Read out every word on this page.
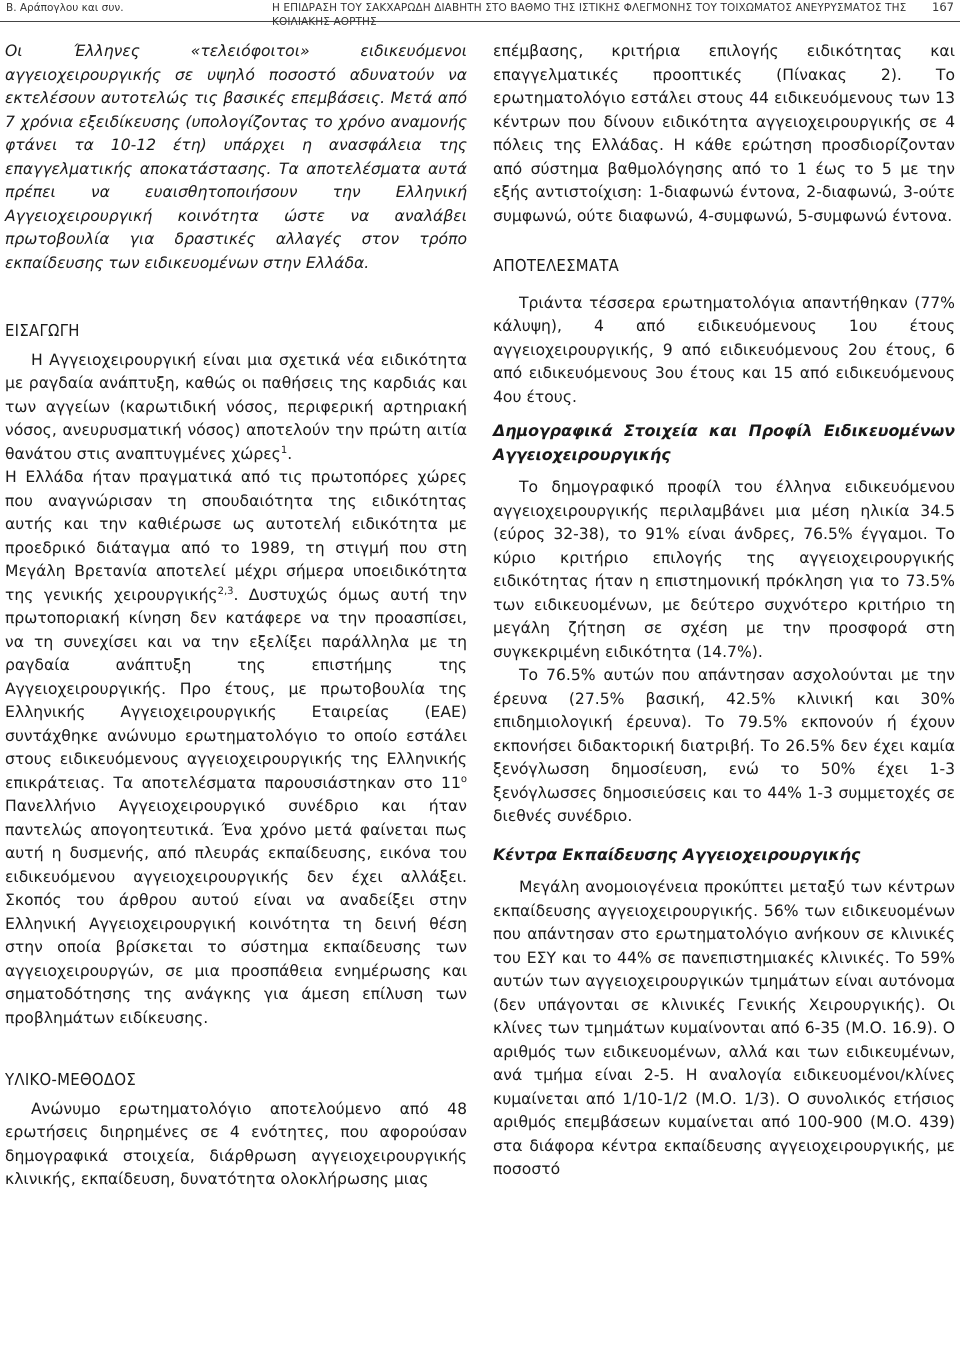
Β. Αράπογλου και συν.	Η ΕΠΙΔΡΑΣΗ ΤΟΥ ΣΑΚΧΑΡΩΔΗ ΔΙΑΒΗΤΗ ΣΤΟ ΒΑΘΜΟ ΤΗΣ ΙΣΤΙΚΗΣ ΦΛΕΓΜΟΝΗΣ ΤΟΥ ΤΟΙΧΩΜΑΤΟΣ ΑΝΕΥΡΥΣΜΑΤΟΣ ΤΗΣ ΚΟΙΛΙΑΚΗΣ ΑΟΡΤΗΣ
167

Οι Έλληνες «τελειόφοιτοι» ειδικευόμενοι αγγειοχειρουργικής σε υψηλό ποσοστό αδυνατούν να εκτελέσουν αυτοτελώς τις βασικές επεμβάσεις. Μετά από 7 χρόνια εξειδίκευσης (υπολογίζοντας το χρόνο αναμονής φτάνει τα 10-12 έτη) υπάρχει η ανασφάλεια της επαγγελματικής αποκατάστασης. Τα αποτελέσματα αυτά πρέπει να ευαισθητοποιήσουν την Ελληνική Αγγειοχειρουργική κοινότητα ώστε να αναλάβει πρωτοβουλία για δραστικές αλλαγές στον τρόπο εκπαίδευσης των ειδικευομένων στην Ελλάδα.

ΕΙΣΑΓΩΓΗ

Η Αγγειοχειρουργική είναι μια σχετικά νέα ειδικότητα με ραγδαία ανάπτυξη, καθώς οι παθήσεις της καρδιάς και των αγγείων (καρωτιδική νόσος, περιφερική αρτηριακή νόσος, ανευρυσματική νόσος) αποτελούν την πρώτη αιτία θανάτου στις αναπτυγμένες χώρες$^1$.

Η Ελλάδα ήταν πραγματικά από τις πρωτοπόρες χώρες που αναγνώρισαν τη σπουδαιότητα της ειδικότητας αυτής και την καθιέρωσε ως αυτοτελή ειδικότητα με προεδρικό διάταγμα από το 1989, τη στιγμή που στη Μεγάλη Βρετανία αποτελεί μέχρι σήμερα υποειδικότητα της γενικής χειρουργικής$^{2,3}$. Δυστυχώς όμως αυτή την πρωτοποριακή κίνηση δεν κατάφερε να την προασπίσει, να τη συνεχίσει και να την εξελίξει παράλληλα με τη ραγδαία ανάπτυξη της επιστήμης της Αγγειοχειρουργικής. Προ έτους, με πρωτοβουλία της Ελληνικής Αγγειοχειρουργικής Εταιρείας (ΕΑΕ) συντάχθηκε ανώνυμο ερωτηματολόγιο το οποίο εστάλει στους ειδικευόμενους αγγειοχειρουργικής της Ελληνικής επικράτειας. Τα αποτελέσματα παρουσιάστηκαν στο $11^o$ Πανελλήνιο Αγγειοχειρουργικό συνέδριο και ήταν παντελώς απογοητευτικά. Ένα χρόνο μετά φαίνεται πως αυτή η δυσμενής, από πλευράς εκπαίδευσης, εικόνα του ειδικευόμενου αγγειοχειρουργικής δεν έχει αλλάξει. Σκοπός του άρθρου αυτού είναι να αναδείξει στην Ελληνική Αγγειοχειρουργική κοινότητα τη δεινή θέση στην οποία βρίσκεται το σύστημα εκπαίδευσης των αγγειοχειρουργών, σε μια προσπάθεια ενημέρωσης και σηματοδότησης της ανάγκης για άμεση επίλυση των προβλημάτων ειδίκευσης.

ΥΛΙΚΟ-ΜΕΘΟΔΟΣ

Ανώνυμο ερωτηματολόγιο αποτελούμενο από 48 ερωτήσεις διηρημένες σε 4 ενότητες, που αφορούσαν δημογραφικά στοιχεία, διάρθρωση αγγειοχειρουργικής κλινικής, εκπαίδευση, δυνατότητα ολοκλήρωσης μιας

επέμβασης, κριτήρια επιλογής ειδικότητας και επαγγελματικές προοπτικές (Πίνακας 2). Το ερωτηματολόγιο εστάλει στους 44 ειδικευόμενους των 13 κέντρων που δίνουν ειδικότητα αγγειοχειρουργικής σε 4 πόλεις της Ελλάδας. Η κάθε ερώτηση προσδιορίζονταν από σύστημα βαθμολόγησης από το 1 έως το 5 με την εξής αντιστοίχιση: 1-διαφωνώ έντονα, 2-διαφωνώ, 3-ούτε συμφωνώ, ούτε διαφωνώ, 4-συμφωνώ, 5-συμφωνώ έντονα.

ΑΠΟΤΕΛΕΣΜΑΤΑ

Τριάντα τέσσερα ερωτηματολόγια απαντήθηκαν (77% κάλυψη), 4 από ειδικευόμενους 1ου έτους αγγειοχειρουργικής, 9 από ειδικευόμενους 2ου έτους, 6 από ειδικευόμενους 3ου έτους και 15 από ειδικευόμενους 4ου έτους.

Δημογραφικά Στοιχεία και Προφίλ Ειδικευομένων Αγγειοχειρουργικής

Το δημογραφικό προφίλ του έλληνα ειδικευόμενου αγγειοχειρουργικής περιλαμβάνει μια μέση ηλικία 34.5 (εύρος 32-38), το 91% είναι άνδρες, 76.5% έγγαμοι. Το κύριο κριτήριο επιλογής της αγγειοχειρουργικής ειδικότητας ήταν η επιστημονική πρόκληση για το 73.5% των ειδικευομένων, με δεύτερο συχνότερο κριτήριο τη μεγάλη ζήτηση σε σχέση με την προσφορά στη συγκεκριμένη ειδικότητα (14.7%).

Το 76.5% αυτών που απάντησαν ασχολούνται με την έρευνα (27.5% βασική, 42.5% κλινική και 30% επιδημιολογική έρευνα). Το 79.5% εκπονούν ή έχουν εκπονήσει διδακτορική διατριβή. Το 26.5% δεν έχει καμία ξενόγλωσση δημοσίευση, ενώ το 50% έχει 1-3 ξενόγλωσσες δημοσιεύσεις και το 44% 1-3 συμμετοχές σε διεθνές συνέδριο.

Κέντρα Εκπαίδευσης Αγγειοχειρουργικής

Μεγάλη ανομοιογένεια προκύπτει μεταξύ των κέντρων εκπαίδευσης αγγειοχειρουργικής. 56% των ειδικευομένων που απάντησαν στο ερωτηματολόγιο ανήκουν σε κλινικές του ΕΣΥ και το 44% σε πανεπιστημιακές κλινικές. Το 59% αυτών των αγγειοχειρουργικών τμημάτων είναι αυτόνομα (δεν υπάγονται σε κλινικές Γενικής Χειρουργικής). Οι κλίνες των τμημάτων κυμαίνονται από 6-35 (Μ.Ο. 16.9). Ο αριθμός των ειδικευομένων, αλλά και των ειδικευμένων, ανά τμήμα είναι 2-5. Η αναλογία ειδικευομένοι/κλίνες κυμαίνεται από 1/10-1/2 (Μ.Ο. 1/3). Ο συνολικός ετήσιος αριθμός επεμβάσεων κυμαίνεται από 100-900 (Μ.Ο. 439) στα διάφορα κέντρα εκπαίδευσης αγγειοχειρουργικής, με ποσοστό
